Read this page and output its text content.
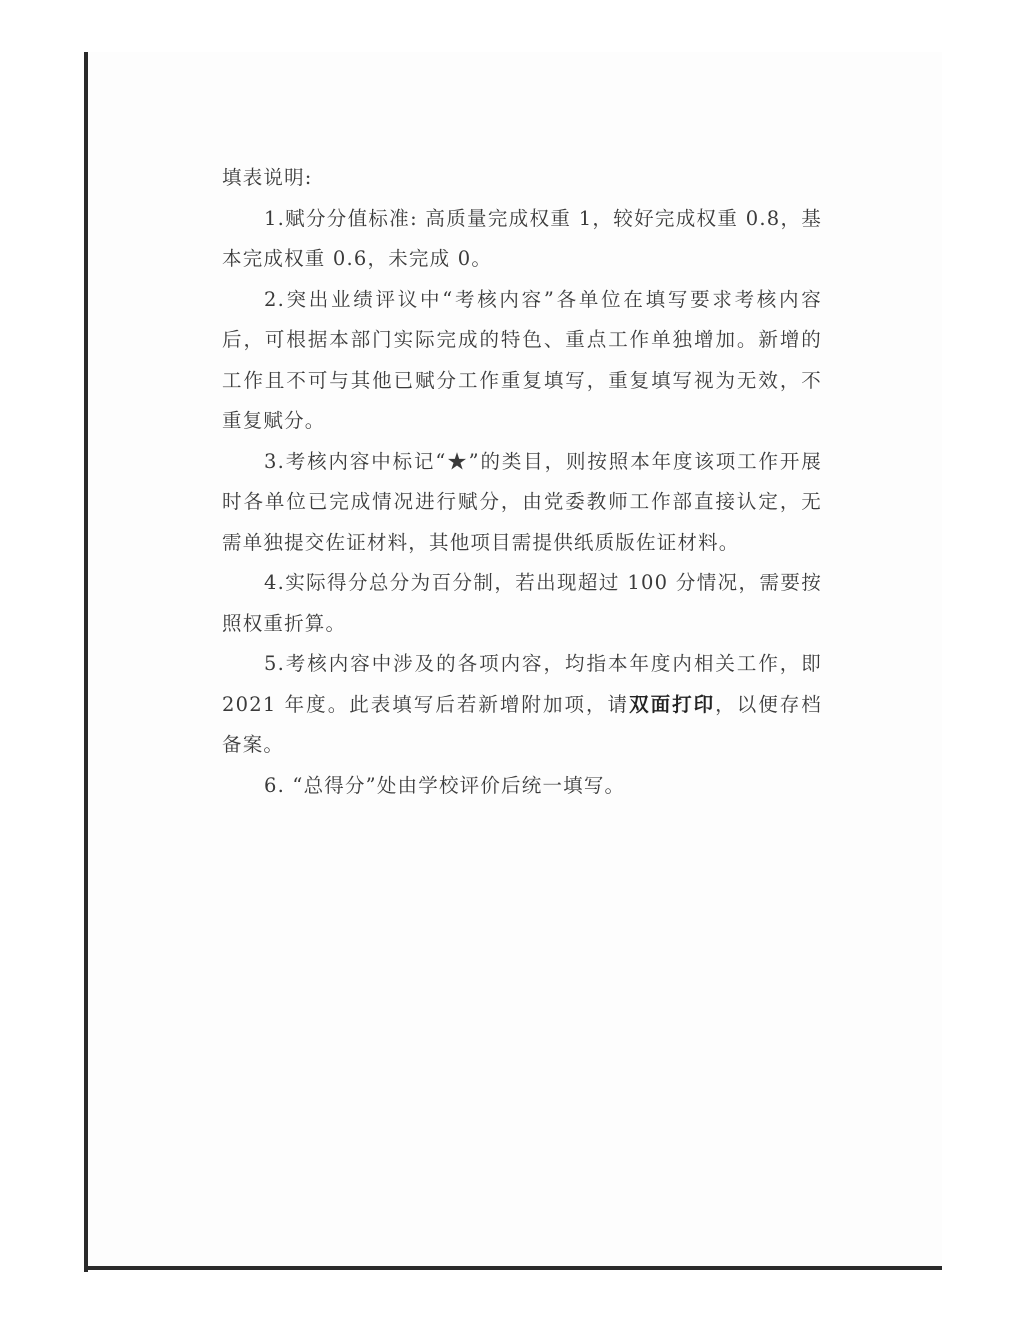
填表说明:

1.赋分分值标准: 高质量完成权重 1，较好完成权重 0.8，基本完成权重 0.6，未完成 0。

2.突出业绩评议中“考核内容”各单位在填写要求考核内容后，可根据本部门实际完成的特色、重点工作单独增加。新增的工作且不可与其他已赋分工作重复填写，重复填写视为无效，不重复赋分。

3.考核内容中标记“★”的类目，则按照本年度该项工作开展时各单位已完成情况进行赋分，由党委教师工作部直接认定，无需单独提交佐证材料，其他项目需提供纸质版佐证材料。

4.实际得分总分为百分制，若出现超过 100 分情况，需要按照权重折算。

5.考核内容中涉及的各项内容，均指本年度内相关工作，即 2021 年度。此表填写后若新增附加项，请双面打印，以便存档备案。

6. “总得分”处由学校评价后统一填写。
